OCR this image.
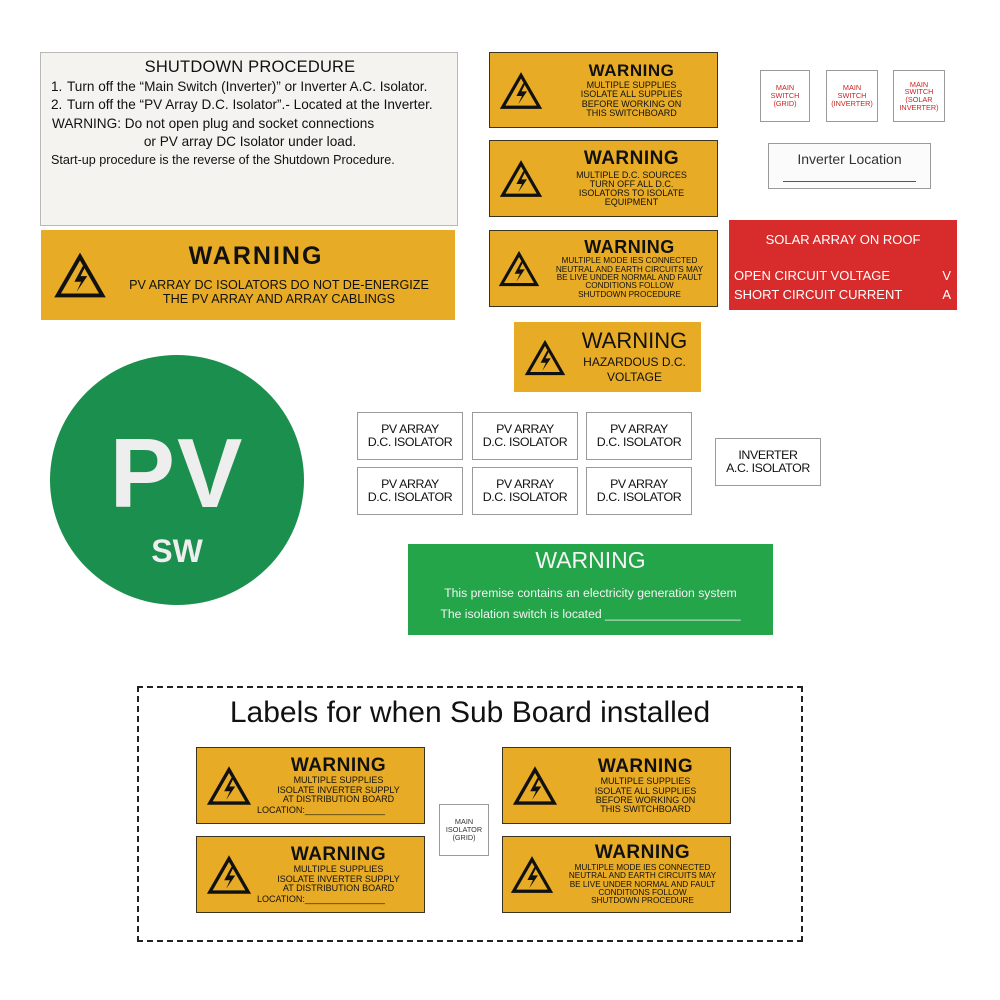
SHUTDOWN PROCEDURE
1. Turn off the “Main Switch (Inverter)” or Inverter A.C. Isolator.
2. Turn off the “PV Array D.C. Isolator”.- Located at the Inverter.
WARNING: Do not open plug and socket connections
or PV array DC Isolator under load.
Start-up procedure is the reverse of the Shutdown Procedure.
WARNING
PV ARRAY DC ISOLATORS DO NOT DE-ENERGIZE
THE PV ARRAY AND ARRAY CABLINGS
WARNING
MULTIPLE SUPPLIES
ISOLATE ALL SUPPLIES
BEFORE WORKING ON
THIS SWITCHBOARD
WARNING
MULTIPLE D.C. SOURCES
TURN OFF ALL D.C.
ISOLATORS TO ISOLATE
EQUIPMENT
WARNING
MULTIPLE MODE IES CONNECTED
NEUTRAL AND EARTH CIRCUITS MAY
BE LIVE UNDER NORMAL AND FAULT
CONDITIONS FOLLOW
SHUTDOWN PROCEDURE
WARNING
HAZARDOUS D.C.
VOLTAGE
MAIN
SWITCH
(GRID)
MAIN
SWITCH
(INVERTER)
MAIN
SWITCH
(SOLAR
INVERTER)
Inverter Location
SOLAR ARRAY ON ROOF
OPEN CIRCUIT VOLTAGE	V
SHORT CIRCUIT CURRENT	A
PV
SW
PV ARRAY
D.C. ISOLATOR
PV ARRAY
D.C. ISOLATOR
PV ARRAY
D.C. ISOLATOR
PV ARRAY
D.C. ISOLATOR
PV ARRAY
D.C. ISOLATOR
PV ARRAY
D.C. ISOLATOR
INVERTER
A.C. ISOLATOR
WARNING
This premise contains an electricity generation system
The isolation switch is located ____________________
Labels for when Sub Board installed
WARNING
MULTIPLE SUPPLIES
ISOLATE INVERTER SUPPLY
AT DISTRIBUTION BOARD
LOCATION:________________
WARNING
MULTIPLE SUPPLIES
ISOLATE INVERTER SUPPLY
AT DISTRIBUTION BOARD
LOCATION:________________
MAIN
ISOLATOR
(GRID)
WARNING
MULTIPLE SUPPLIES
ISOLATE ALL SUPPLIES
BEFORE WORKING ON
THIS SWITCHBOARD
WARNING
MULTIPLE MODE IES CONNECTED
NEUTRAL AND EARTH CIRCUITS MAY
BE LIVE UNDER NORMAL AND FAULT
CONDITIONS FOLLOW
SHUTDOWN PROCEDURE
